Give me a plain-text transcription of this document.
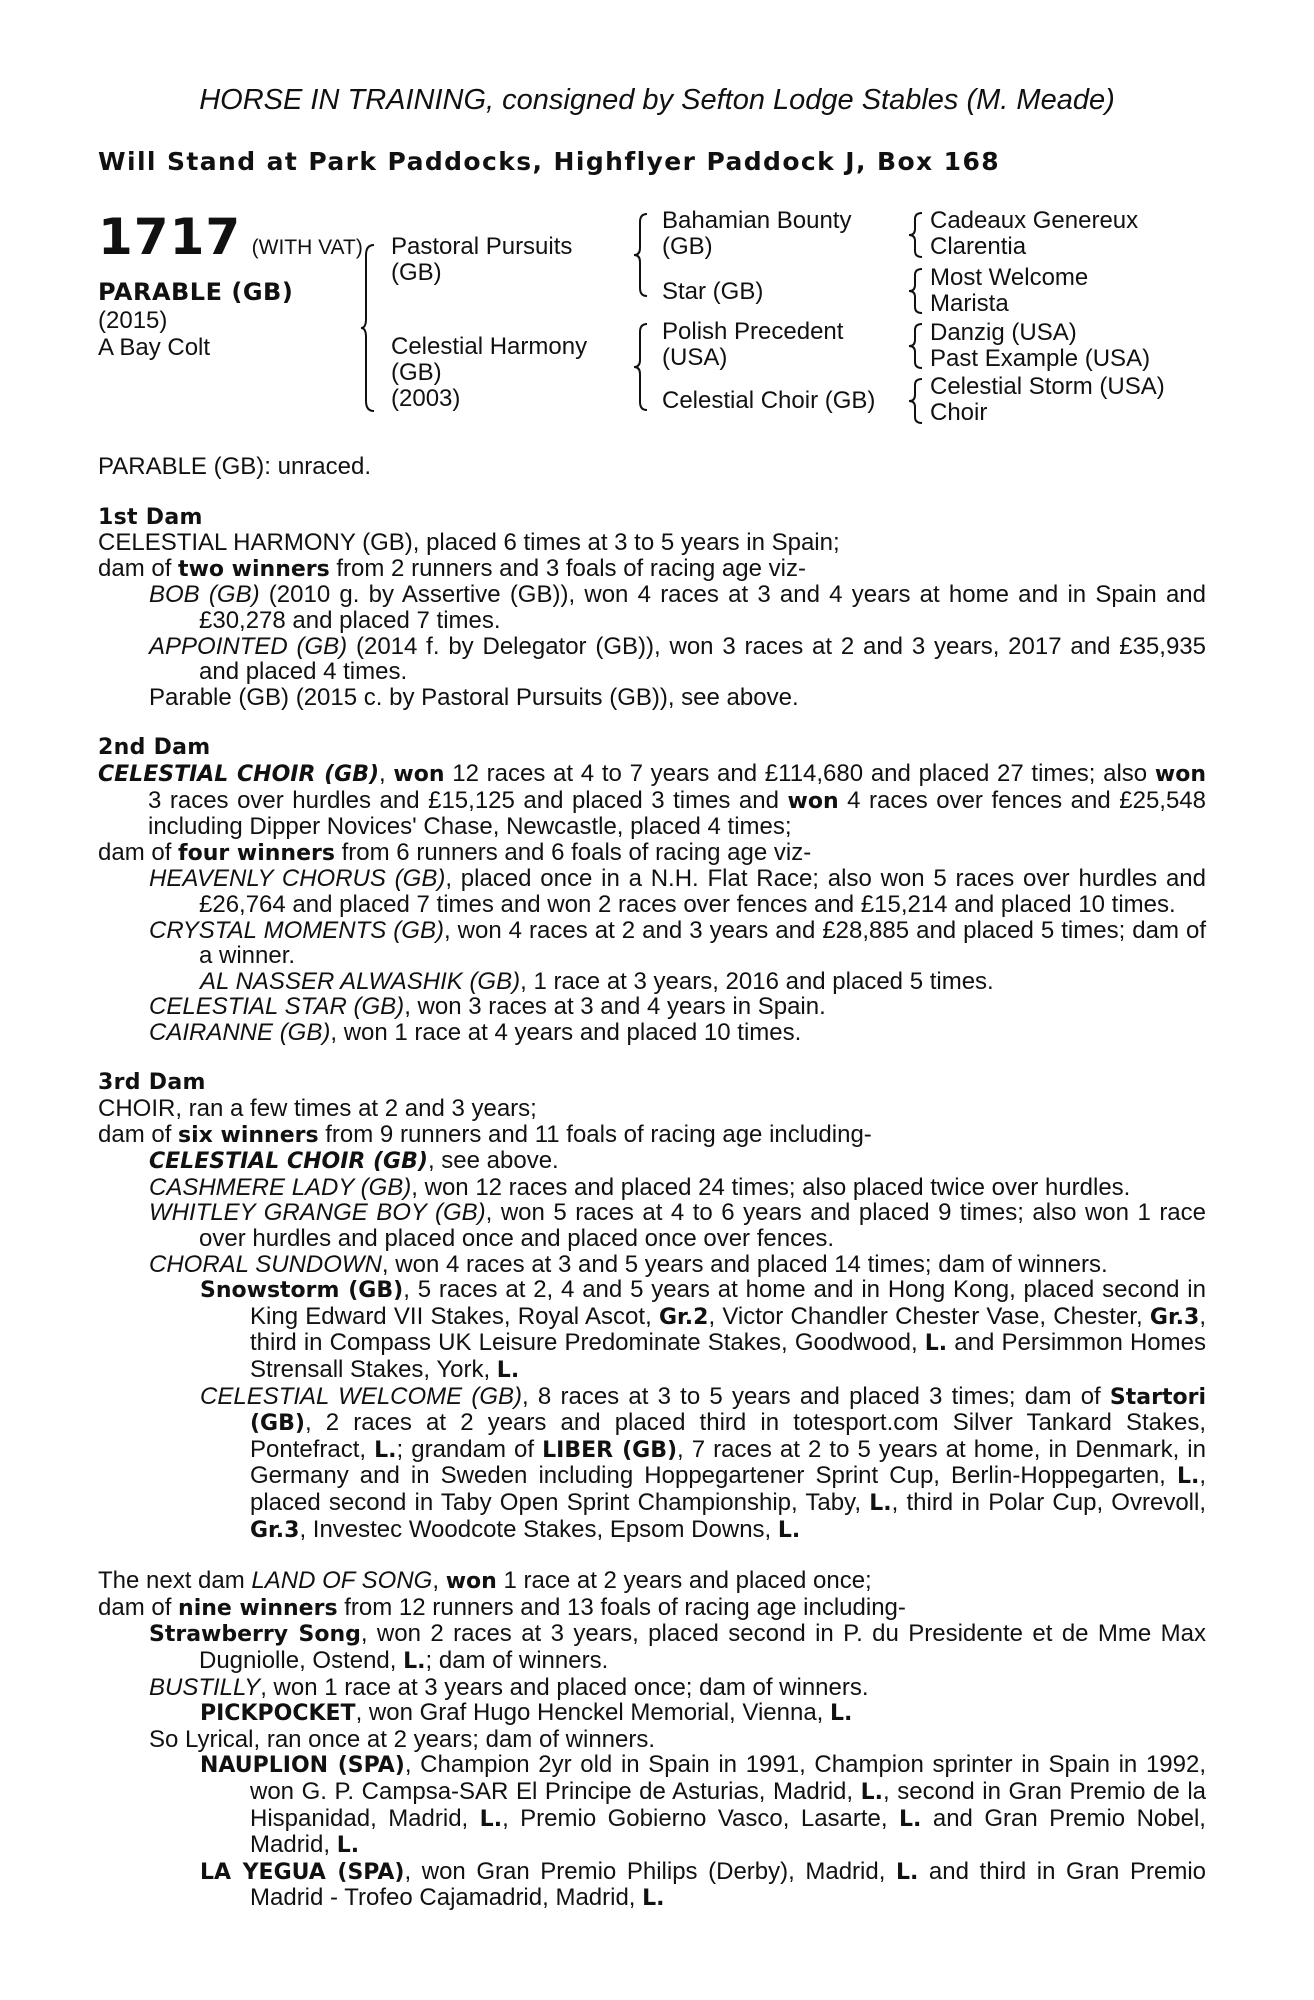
HORSE IN TRAINING, consigned by Sefton Lodge Stables (M. Meade)
Will Stand at Park Paddocks, Highflyer Paddock J, Box 168
1717 (WITH VAT)
PARABLE (GB)
(2015)
A Bay Colt
Pastoral Pursuits
(GB)
Celestial Harmony
(GB)
(2003)
Bahamian Bounty
(GB)
Star (GB)
Polish Precedent
(USA)
Celestial Choir (GB)
Cadeaux Genereux
Clarentia
Most Welcome
Marista
Danzig (USA)
Past Example (USA)
Celestial Storm (USA)
Choir

PARABLE (GB): unraced.

1st Dam

CELESTIAL HARMONY (GB), placed 6 times at 3 to 5 years in Spain;

dam of two winners from 2 runners and 3 foals of racing age viz-

BOB (GB) (2010 g. by Assertive (GB)), won 4 races at 3 and 4 years at home and in Spain and £30,278 and placed 7 times.

APPOINTED (GB) (2014 f. by Delegator (GB)), won 3 races at 2 and 3 years, 2017 and £35,935 and placed 4 times.

Parable (GB) (2015 c. by Pastoral Pursuits (GB)), see above.

2nd Dam

CELESTIAL CHOIR (GB), won 12 races at 4 to 7 years and £114,680 and placed 27 times; also won 3 races over hurdles and £15,125 and placed 3 times and won 4 races over fences and £25,548 including Dipper Novices' Chase, Newcastle, placed 4 times;

dam of four winners from 6 runners and 6 foals of racing age viz-

HEAVENLY CHORUS (GB), placed once in a N.H. Flat Race; also won 5 races over hurdles and £26,764 and placed 7 times and won 2 races over fences and £15,214 and placed 10 times.

CRYSTAL MOMENTS (GB), won 4 races at 2 and 3 years and £28,885 and placed 5 times; dam of a winner.

AL NASSER ALWASHIK (GB), 1 race at 3 years, 2016 and placed 5 times.

CELESTIAL STAR (GB), won 3 races at 3 and 4 years in Spain.

CAIRANNE (GB), won 1 race at 4 years and placed 10 times.

3rd Dam

CHOIR, ran a few times at 2 and 3 years;

dam of six winners from 9 runners and 11 foals of racing age including-

CELESTIAL CHOIR (GB), see above.

CASHMERE LADY (GB), won 12 races and placed 24 times; also placed twice over hurdles.

WHITLEY GRANGE BOY (GB), won 5 races at 4 to 6 years and placed 9 times; also won 1 race over hurdles and placed once and placed once over fences.

CHORAL SUNDOWN, won 4 races at 3 and 5 years and placed 14 times; dam of winners.

Snowstorm (GB), 5 races at 2, 4 and 5 years at home and in Hong Kong, placed second in King Edward VII Stakes, Royal Ascot, Gr.2, Victor Chandler Chester Vase, Chester, Gr.3, third in Compass UK Leisure Predominate Stakes, Goodwood, L. and Persimmon Homes Strensall Stakes, York, L.

CELESTIAL WELCOME (GB), 8 races at 3 to 5 years and placed 3 times; dam of Startori (GB), 2 races at 2 years and placed third in totesport.com Silver Tankard Stakes, Pontefract, L.; grandam of LIBER (GB), 7 races at 2 to 5 years at home, in Denmark, in Germany and in Sweden including Hoppegartener Sprint Cup, Berlin-Hoppegarten, L., placed second in Taby Open Sprint Championship, Taby, L., third in Polar Cup, Ovrevoll, Gr.3, Investec Woodcote Stakes, Epsom Downs, L.

The next dam LAND OF SONG, won 1 race at 2 years and placed once;

dam of nine winners from 12 runners and 13 foals of racing age including-

Strawberry Song, won 2 races at 3 years, placed second in P. du Presidente et de Mme Max Dugniolle, Ostend, L.; dam of winners.

BUSTILLY, won 1 race at 3 years and placed once; dam of winners.

PICKPOCKET, won Graf Hugo Henckel Memorial, Vienna, L.

So Lyrical, ran once at 2 years; dam of winners.

NAUPLION (SPA), Champion 2yr old in Spain in 1991, Champion sprinter in Spain in 1992, won G. P. Campsa-SAR El Principe de Asturias, Madrid, L., second in Gran Premio de la Hispanidad, Madrid, L., Premio Gobierno Vasco, Lasarte, L. and Gran Premio Nobel, Madrid, L.

LA YEGUA (SPA), won Gran Premio Philips (Derby), Madrid, L. and third in Gran Premio Madrid - Trofeo Cajamadrid, Madrid, L.
